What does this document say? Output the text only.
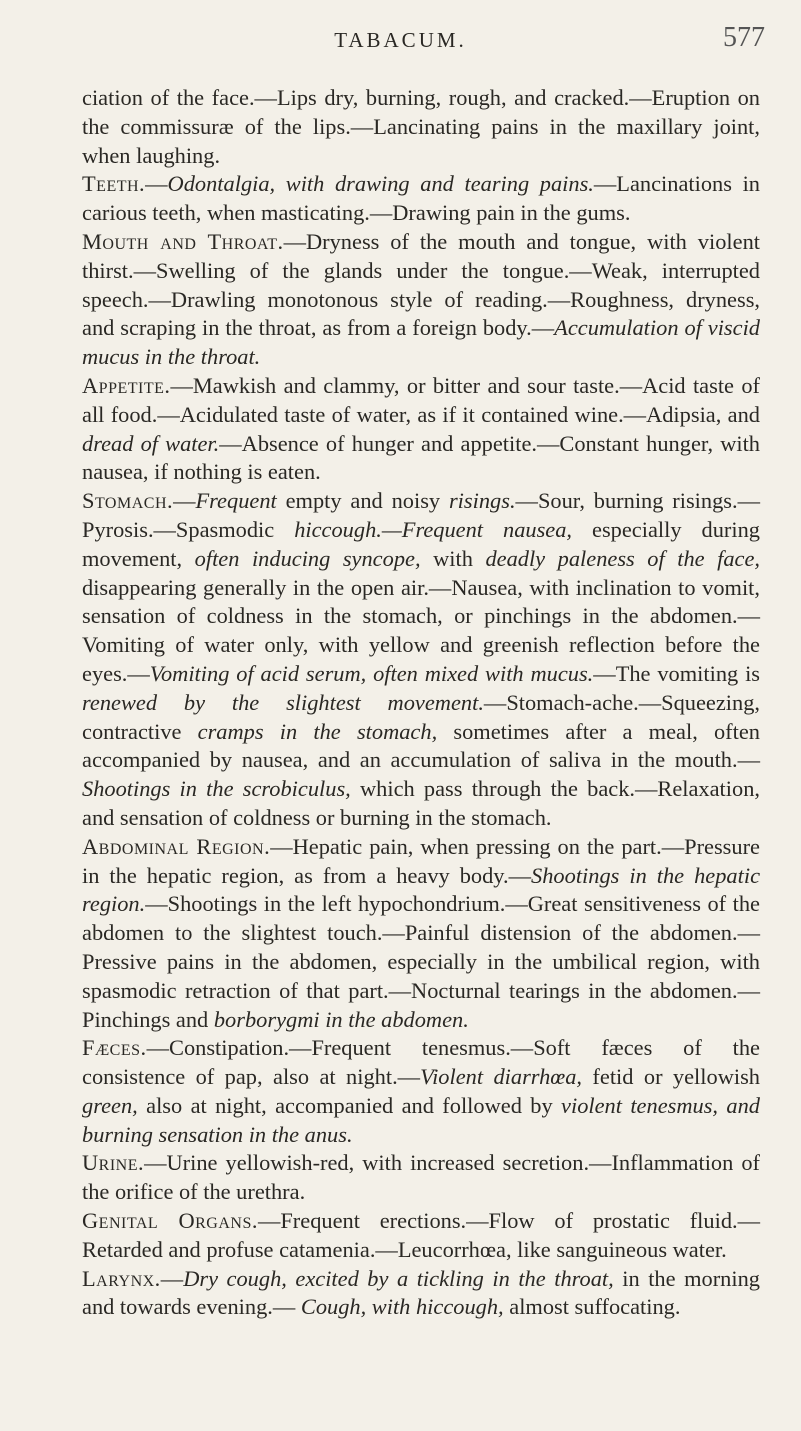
TABACUM.	577

ciation of the face.—Lips dry, burning, rough, and cracked.—Eruption on the commissuræ of the lips.—Lancinating pains in the maxillary joint, when laughing.

Teeth.—Odontalgia, with drawing and tearing pains.—Lancinations in carious teeth, when masticating.—Drawing pain in the gums.

Mouth and Throat.—Dryness of the mouth and tongue, with violent thirst.—Swelling of the glands under the tongue.—Weak, interrupted speech.—Drawling monotonous style of reading.—Roughness, dryness, and scraping in the throat, as from a foreign body.—Accumulation of viscid mucus in the throat.

Appetite.—Mawkish and clammy, or bitter and sour taste.—Acid taste of all food.—Acidulated taste of water, as if it contained wine.—Adipsia, and dread of water.—Absence of hunger and appetite.—Constant hunger, with nausea, if nothing is eaten.

Stomach.—Frequent empty and noisy risings.—Sour, burning risings.—Pyrosis.—Spasmodic hiccough.—Frequent nausea, especially during movement, often inducing syncope, with deadly paleness of the face, disappearing generally in the open air.—Nausea, with inclination to vomit, sensation of coldness in the stomach, or pinchings in the abdomen.—Vomiting of water only, with yellow and greenish reflection before the eyes.—Vomiting of acid serum, often mixed with mucus.—The vomiting is renewed by the slightest movement.—Stomach-ache.—Squeezing, contractive cramps in the stomach, sometimes after a meal, often accompanied by nausea, and an accumulation of saliva in the mouth.—Shootings in the scrobiculus, which pass through the back.—Relaxation, and sensation of coldness or burning in the stomach.

Abdominal Region.—Hepatic pain, when pressing on the part.—Pressure in the hepatic region, as from a heavy body.—Shootings in the hepatic region.—Shootings in the left hypochondrium.—Great sensitiveness of the abdomen to the slightest touch.—Painful distension of the abdomen.—Pressive pains in the abdomen, especially in the umbilical region, with spasmodic retraction of that part.—Nocturnal tearings in the abdomen.—Pinchings and borborygmi in the abdomen.

Fæces.—Constipation.—Frequent tenesmus.—Soft fæces of the consistence of pap, also at night.—Violent diarrhœa, fetid or yellowish green, also at night, accompanied and followed by violent tenesmus, and burning sensation in the anus.

Urine.—Urine yellowish-red, with increased secretion.—Inflammation of the orifice of the urethra.

Genital Organs.—Frequent erections.—Flow of prostatic fluid.—Retarded and profuse catamenia.—Leucorrhœa, like sanguineous water.

Larynx.—Dry cough, excited by a tickling in the throat, in the morning and towards evening.— Cough, with hiccough, almost suffocating.
